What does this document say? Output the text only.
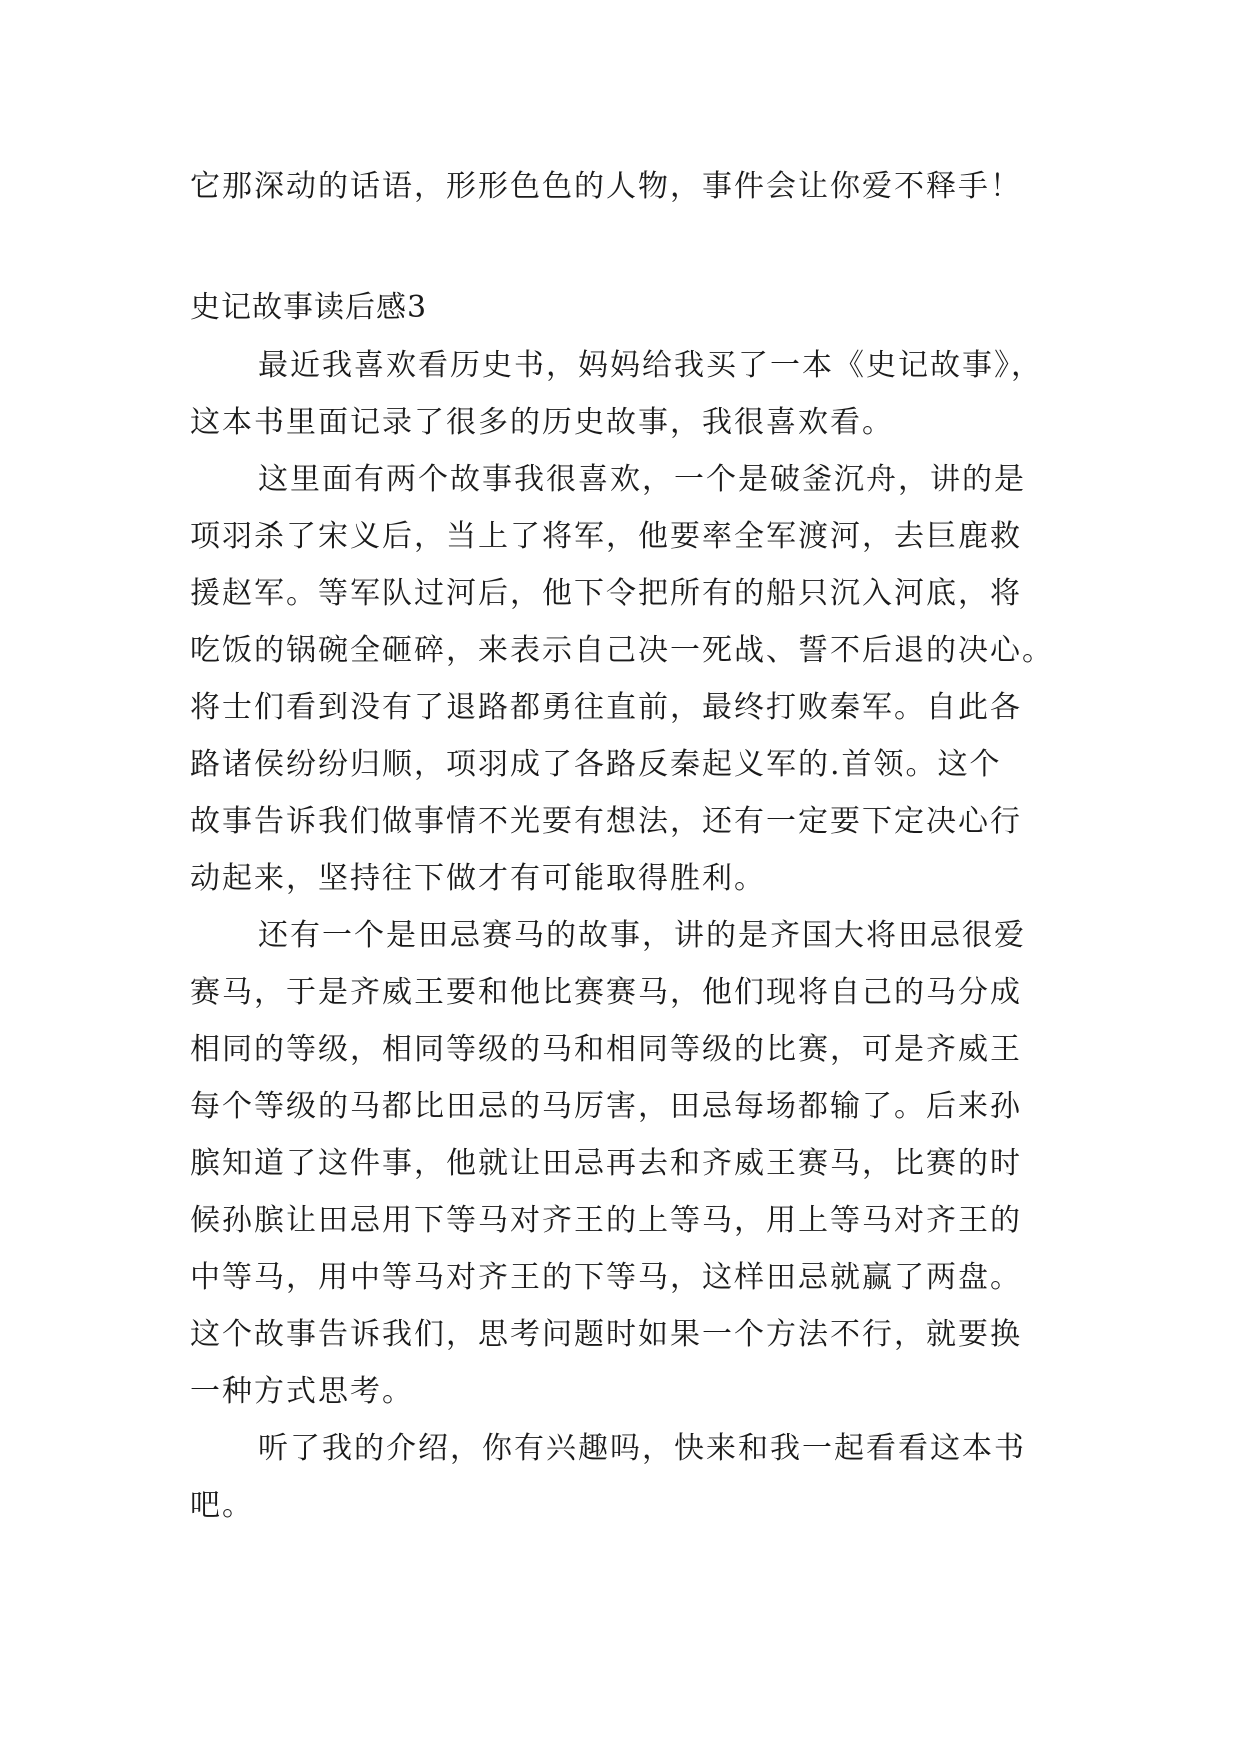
它那深动的话语，形形色色的人物，事件会让你爱不释手！
史记故事读后感3
最近我喜欢看历史书，妈妈给我买了一本《史记故事》，
这本书里面记录了很多的历史故事，我很喜欢看。
这里面有两个故事我很喜欢，一个是破釜沉舟，讲的是
项羽杀了宋义后，当上了将军，他要率全军渡河，去巨鹿救
援赵军。等军队过河后，他下令把所有的船只沉入河底，将
吃饭的锅碗全砸碎，来表示自己决一死战、誓不后退的决心。
将士们看到没有了退路都勇往直前，最终打败秦军。自此各
路诸侯纷纷归顺，项羽成了各路反秦起义军的.首领。这个
故事告诉我们做事情不光要有想法，还有一定要下定决心行
动起来，坚持往下做才有可能取得胜利。
还有一个是田忌赛马的故事，讲的是齐国大将田忌很爱
赛马，于是齐威王要和他比赛赛马，他们现将自己的马分成
相同的等级，相同等级的马和相同等级的比赛，可是齐威王
每个等级的马都比田忌的马厉害，田忌每场都输了。后来孙
膑知道了这件事，他就让田忌再去和齐威王赛马，比赛的时
候孙膑让田忌用下等马对齐王的上等马，用上等马对齐王的
中等马，用中等马对齐王的下等马，这样田忌就赢了两盘。
这个故事告诉我们，思考问题时如果一个方法不行，就要换
一种方式思考。
听了我的介绍，你有兴趣吗，快来和我一起看看这本书
吧。
